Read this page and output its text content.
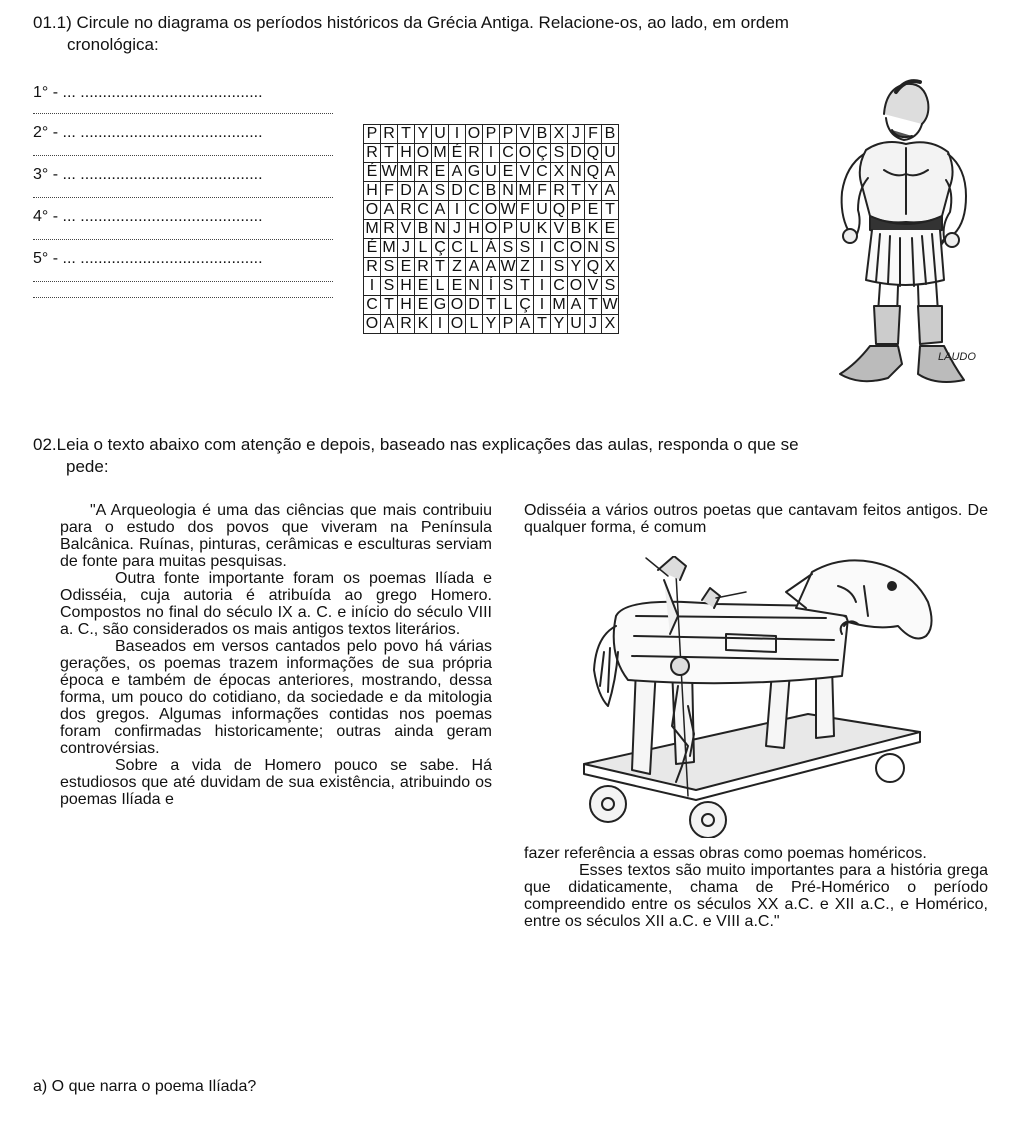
01.1) Circule no diagrama os períodos históricos da Grécia Antiga. Relacione-os, ao lado, em ordem
cronológica:
1° - ... .........................................
2° - ... .........................................
3° - ... .........................................
4° - ... .........................................
5° - ... .........................................
P	R	T	Y	U	I	O	P	P	V	B	X	J	F	B
R	T	H	O	M	É	R	I	C	O	Ç	S	D	Q	U
É	W	M	R	E	A	G	U	E	V	C	X	N	Q	A
H	F	D	A	S	D	C	B	N	M	F	R	T	Y	A
O	A	R	C	A	I	C	O	W	F	U	Q	P	E	T
M	R	V	B	N	J	H	O	P	U	K	V	B	K	E
É	M	J	L	Ç	C	L	Á	S	S	I	C	O	N	S
R	S	E	R	T	Z	A	A	W	Z	I	S	Y	Q	X
I	S	H	E	L	E	N	Í	S	T	I	C	O	V	S
C	T	H	E	G	O	D	T	L	Ç	I	M	A	T	W
O	A	R	K	I	O	L	Y	P	A	T	Y	U	J	X
LAUDO
02.Leia o texto abaixo com atenção e depois, baseado nas explicações das aulas, responda o que se
pede:

"A Arqueologia é uma das ciências que mais contribuiu para o estudo dos povos que viveram na Península Balcânica. Ruínas, pinturas, cerâmicas e esculturas serviam de fonte para muitas pesquisas.

Outra fonte importante foram os poemas Ilíada e Odisséia, cuja autoria é atribuída ao grego Homero. Compostos no final do século IX a. C. e início do século VIII a. C., são considerados os mais antigos textos literários.

Baseados em versos cantados pelo povo há várias gerações, os poemas trazem informações de sua própria época e também de épocas anteriores, mostrando, dessa forma, um pouco do cotidiano, da sociedade e da mitologia dos gregos. Algumas informações contidas nos poemas foram confirmadas historicamente; outras ainda geram controvérsias.

Sobre a vida de Homero pouco se sabe. Há estudiosos que até duvidam de sua existência, atribuindo os poemas Ilíada e

Odisséia a vários outros poetas que cantavam feitos antigos. De qualquer forma, é comum

fazer referência a essas obras como poemas homéricos.

Esses textos são muito importantes para a história grega que didaticamente, chama de Pré-Homérico o período compreendido entre os séculos XX a.C. e XII a.C., e Homérico, entre os séculos XII a.C. e VIII a.C."

a) O que narra o poema Ilíada?
